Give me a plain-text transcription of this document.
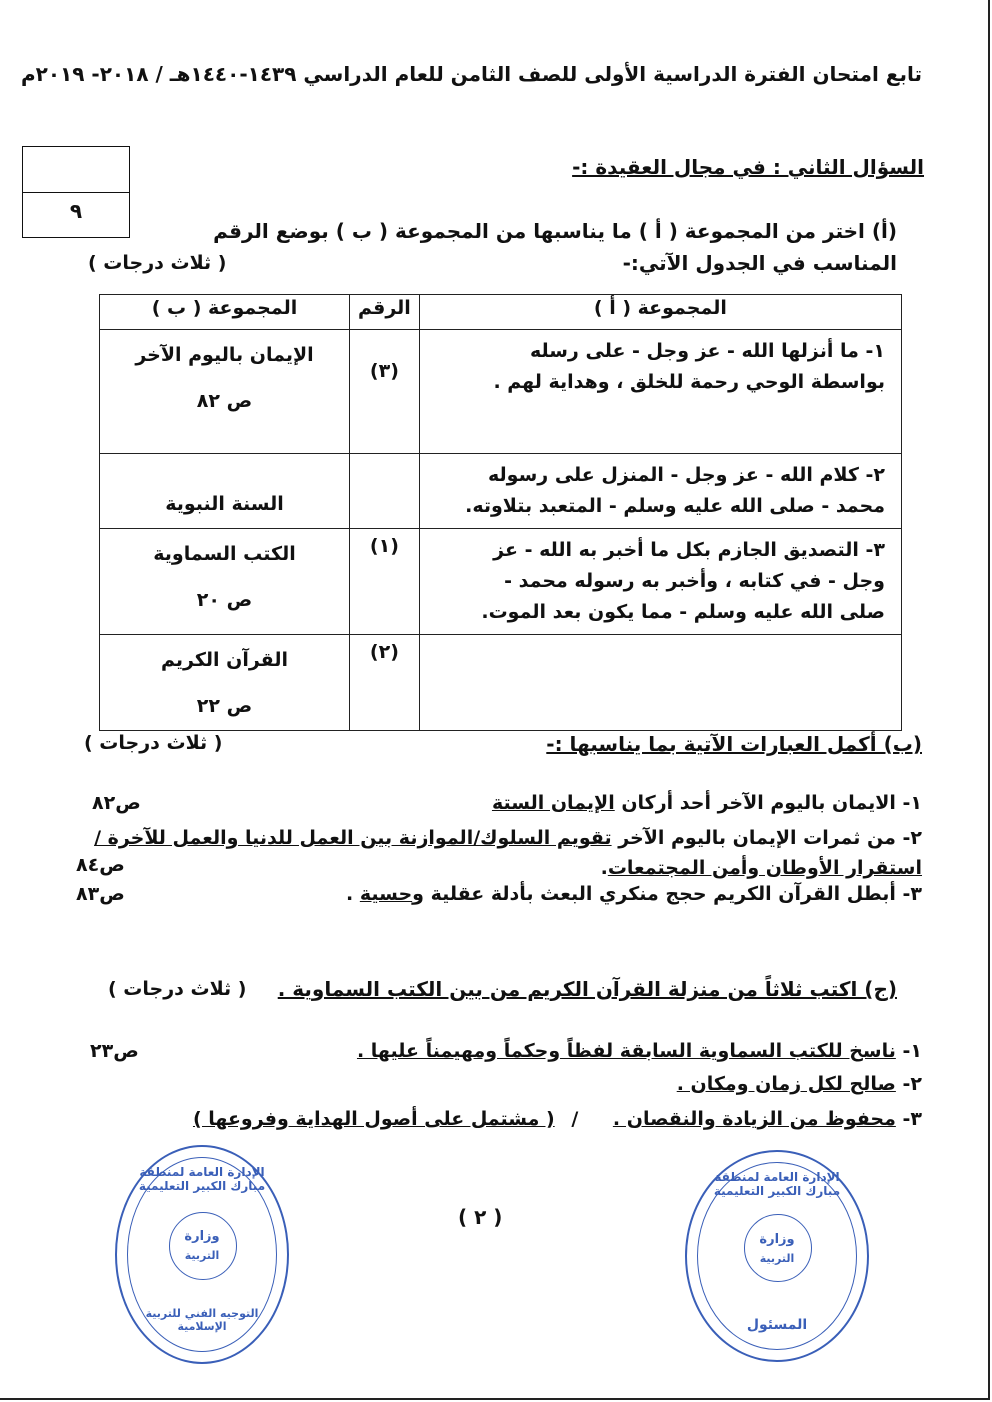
تابع امتحان الفترة الدراسية الأولى للصف الثامن للعام الدراسي ١٤٣٩-١٤٤٠هـ / ٢٠١٨- ٢٠١٩م
٩
السؤال الثاني : في مجال العقيدة :-
(أ) اختر من المجموعة ( أ ) ما يناسبها من المجموعة ( ب ) بوضع الرقم المناسب في الجدول الآتي:-
( ثلاث درجات )
المجموعة ( أ )	الرقم	المجموعة ( ب )
١- ما أنزلها الله - عز وجل - على رسله بواسطة الوحي رحمة للخلق ، وهداية لهم .	(٣)	الإيمان باليوم الآخر
ص ٨٢

٢- كلام الله - عز وجل - المنزل على رسوله محمد - صلى الله عليه وسلم - المتعبد بتلاوته.		السنة النبوية

٣- التصديق الجازم بكل ما أخبر به الله - عز وجل - في كتابه ، وأخبر به رسوله محمد - صلى الله عليه وسلم - مما يكون بعد الموت.	(١)	الكتب السماوية
ص ٢٠

	(٢)	القرآن الكريم
ص ٢٢
(ب) أكمل العبارات الآتية بما يناسبها :-
( ثلاث درجات )
١- الايمان باليوم الآخر أحد أركان الإيمان الستة
ص٨٢
٢- من ثمرات الإيمان باليوم الآخر تقويم السلوك/الموازنة بين العمل للدنيا والعمل للآخرة / استقرار الأوطان وأمن المجتمعات.
ص٨٤
٣- أبطل القرآن الكريم حجج منكري البعث بأدلة عقلية وحسية .
ص٨٣
(ج) اكتب ثلاثاً من منزلة القرآن الكريم من بين الكتب السماوية .
( ثلاث درجات )
١- ناسخ للكتب السماوية السابقة لفظاً وحكماً ومهيمناً عليها .
ص٢٣
٢- صالح لكل زمان ومكان .
٣- محفوظ من الزيادة والنقصان . / ( مشتمل على أصول الهداية وفروعها )
( ٢ )
الإدارة العامة لمنطقة مبارك الكبير التعليمية
وزارة
التربية
التوجيه الفني للتربية الإسلامية
الإدارة العامة لمنطقة مبارك الكبير التعليمية
وزارة
التربية
المسئول
